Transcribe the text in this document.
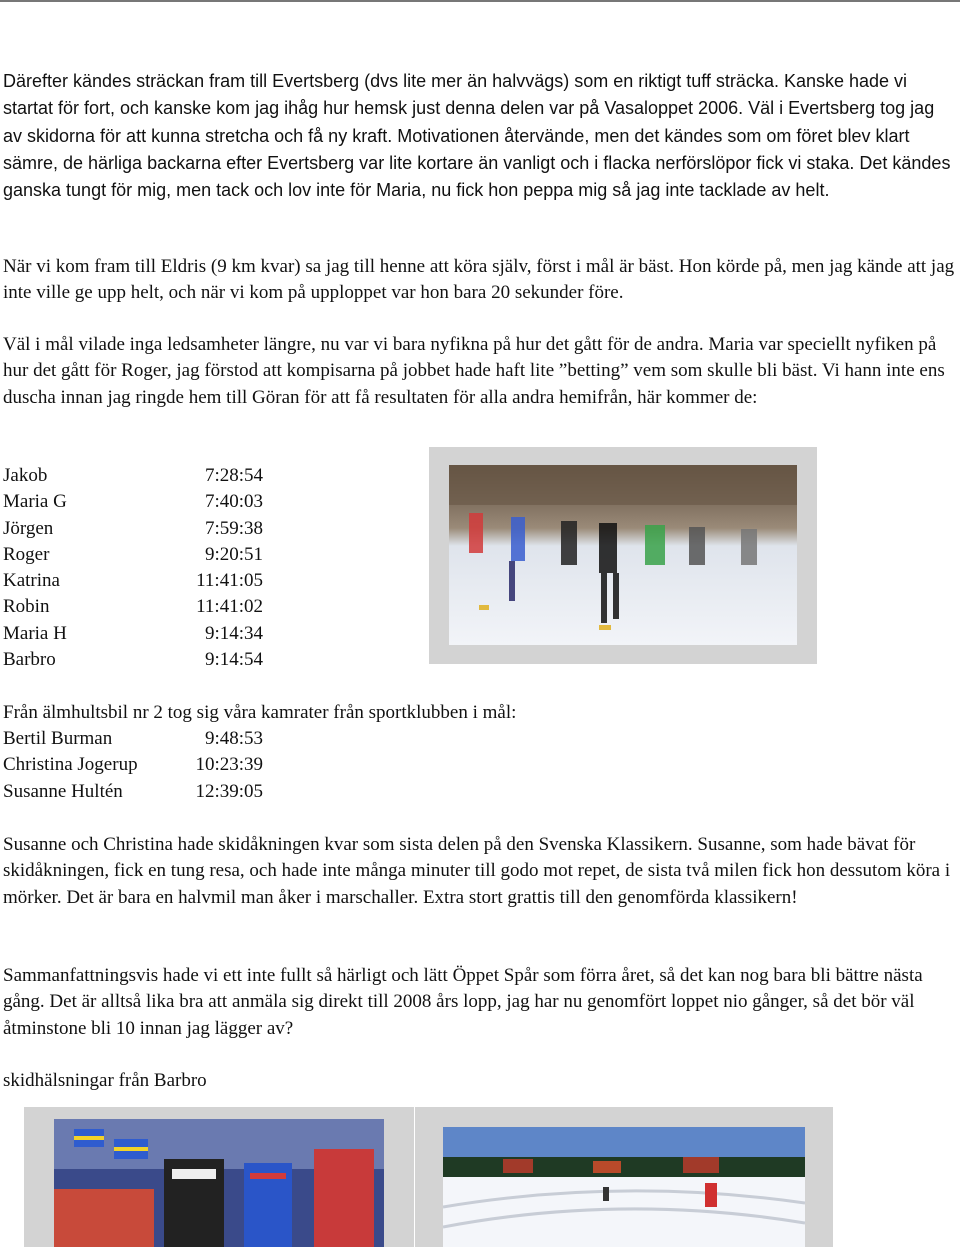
Därefter kändes sträckan fram till Evertsberg (dvs lite mer än halvvägs) som en riktigt tuff sträcka. Kanske hade vi startat för fort, och kanske kom jag ihåg hur hemsk just denna delen var på Vasaloppet 2006. Väl i Evertsberg tog jag av skidorna för att kunna stretcha och få ny kraft. Motivationen återvände, men det kändes som om föret blev klart sämre, de härliga backarna efter Evertsberg var lite kortare än vanligt och i flacka nerförslöpor fick vi staka. Det kändes ganska tungt för mig, men tack och lov inte för Maria, nu fick hon peppa mig så jag inte tacklade av helt.

När vi kom fram till Eldris (9 km kvar) sa jag till henne att köra själv, först i mål är bäst. Hon körde på, men jag kände att jag inte ville ge upp helt, och när vi kom på upploppet var hon bara 20 sekunder före.

Väl i mål vilade inga ledsamheter längre, nu var vi bara nyfikna på hur det gått för de andra. Maria var speciellt nyfiken på hur det gått för Roger, jag förstod att kompisarna på jobbet hade haft lite ”betting” vem som skulle bli bäst. Vi hann inte ens duscha innan jag ringde hem till Göran för att få resultaten för alla andra hemifrån, här kommer de:

Jakob	7:28:54
Maria G	7:40:03
Jörgen	7:59:38
Roger	9:20:51
Katrina	11:41:05
Robin	11:41:02
Maria H	9:14:34
Barbro	9:14:54
Från älmhultsbil nr 2 tog sig våra kamrater från sportklubben i mål:
Bertil Burman	9:48:53
Christina Jogerup	10:23:39
Susanne Hultén	12:39:05

Susanne och Christina hade skidåkningen kvar som sista delen på den Svenska Klassikern. Susanne, som hade bävat för skidåkningen, fick en tung resa, och hade inte många minuter till godo mot repet, de sista två milen fick hon dessutom köra i mörker. Det är bara en halvmil man åker i marschaller. Extra stort grattis till den genomförda klassikern!

Sammanfattningsvis hade vi ett inte fullt så härligt och lätt Öppet Spår som förra året, så det kan nog bara bli bättre nästa gång. Det är alltså lika bra att anmäla sig direkt till 2008 års lopp, jag har nu genomfört loppet nio gånger, så det bör väl åtminstone bli 10 innan jag lägger av?

skidhälsningar från Barbro
